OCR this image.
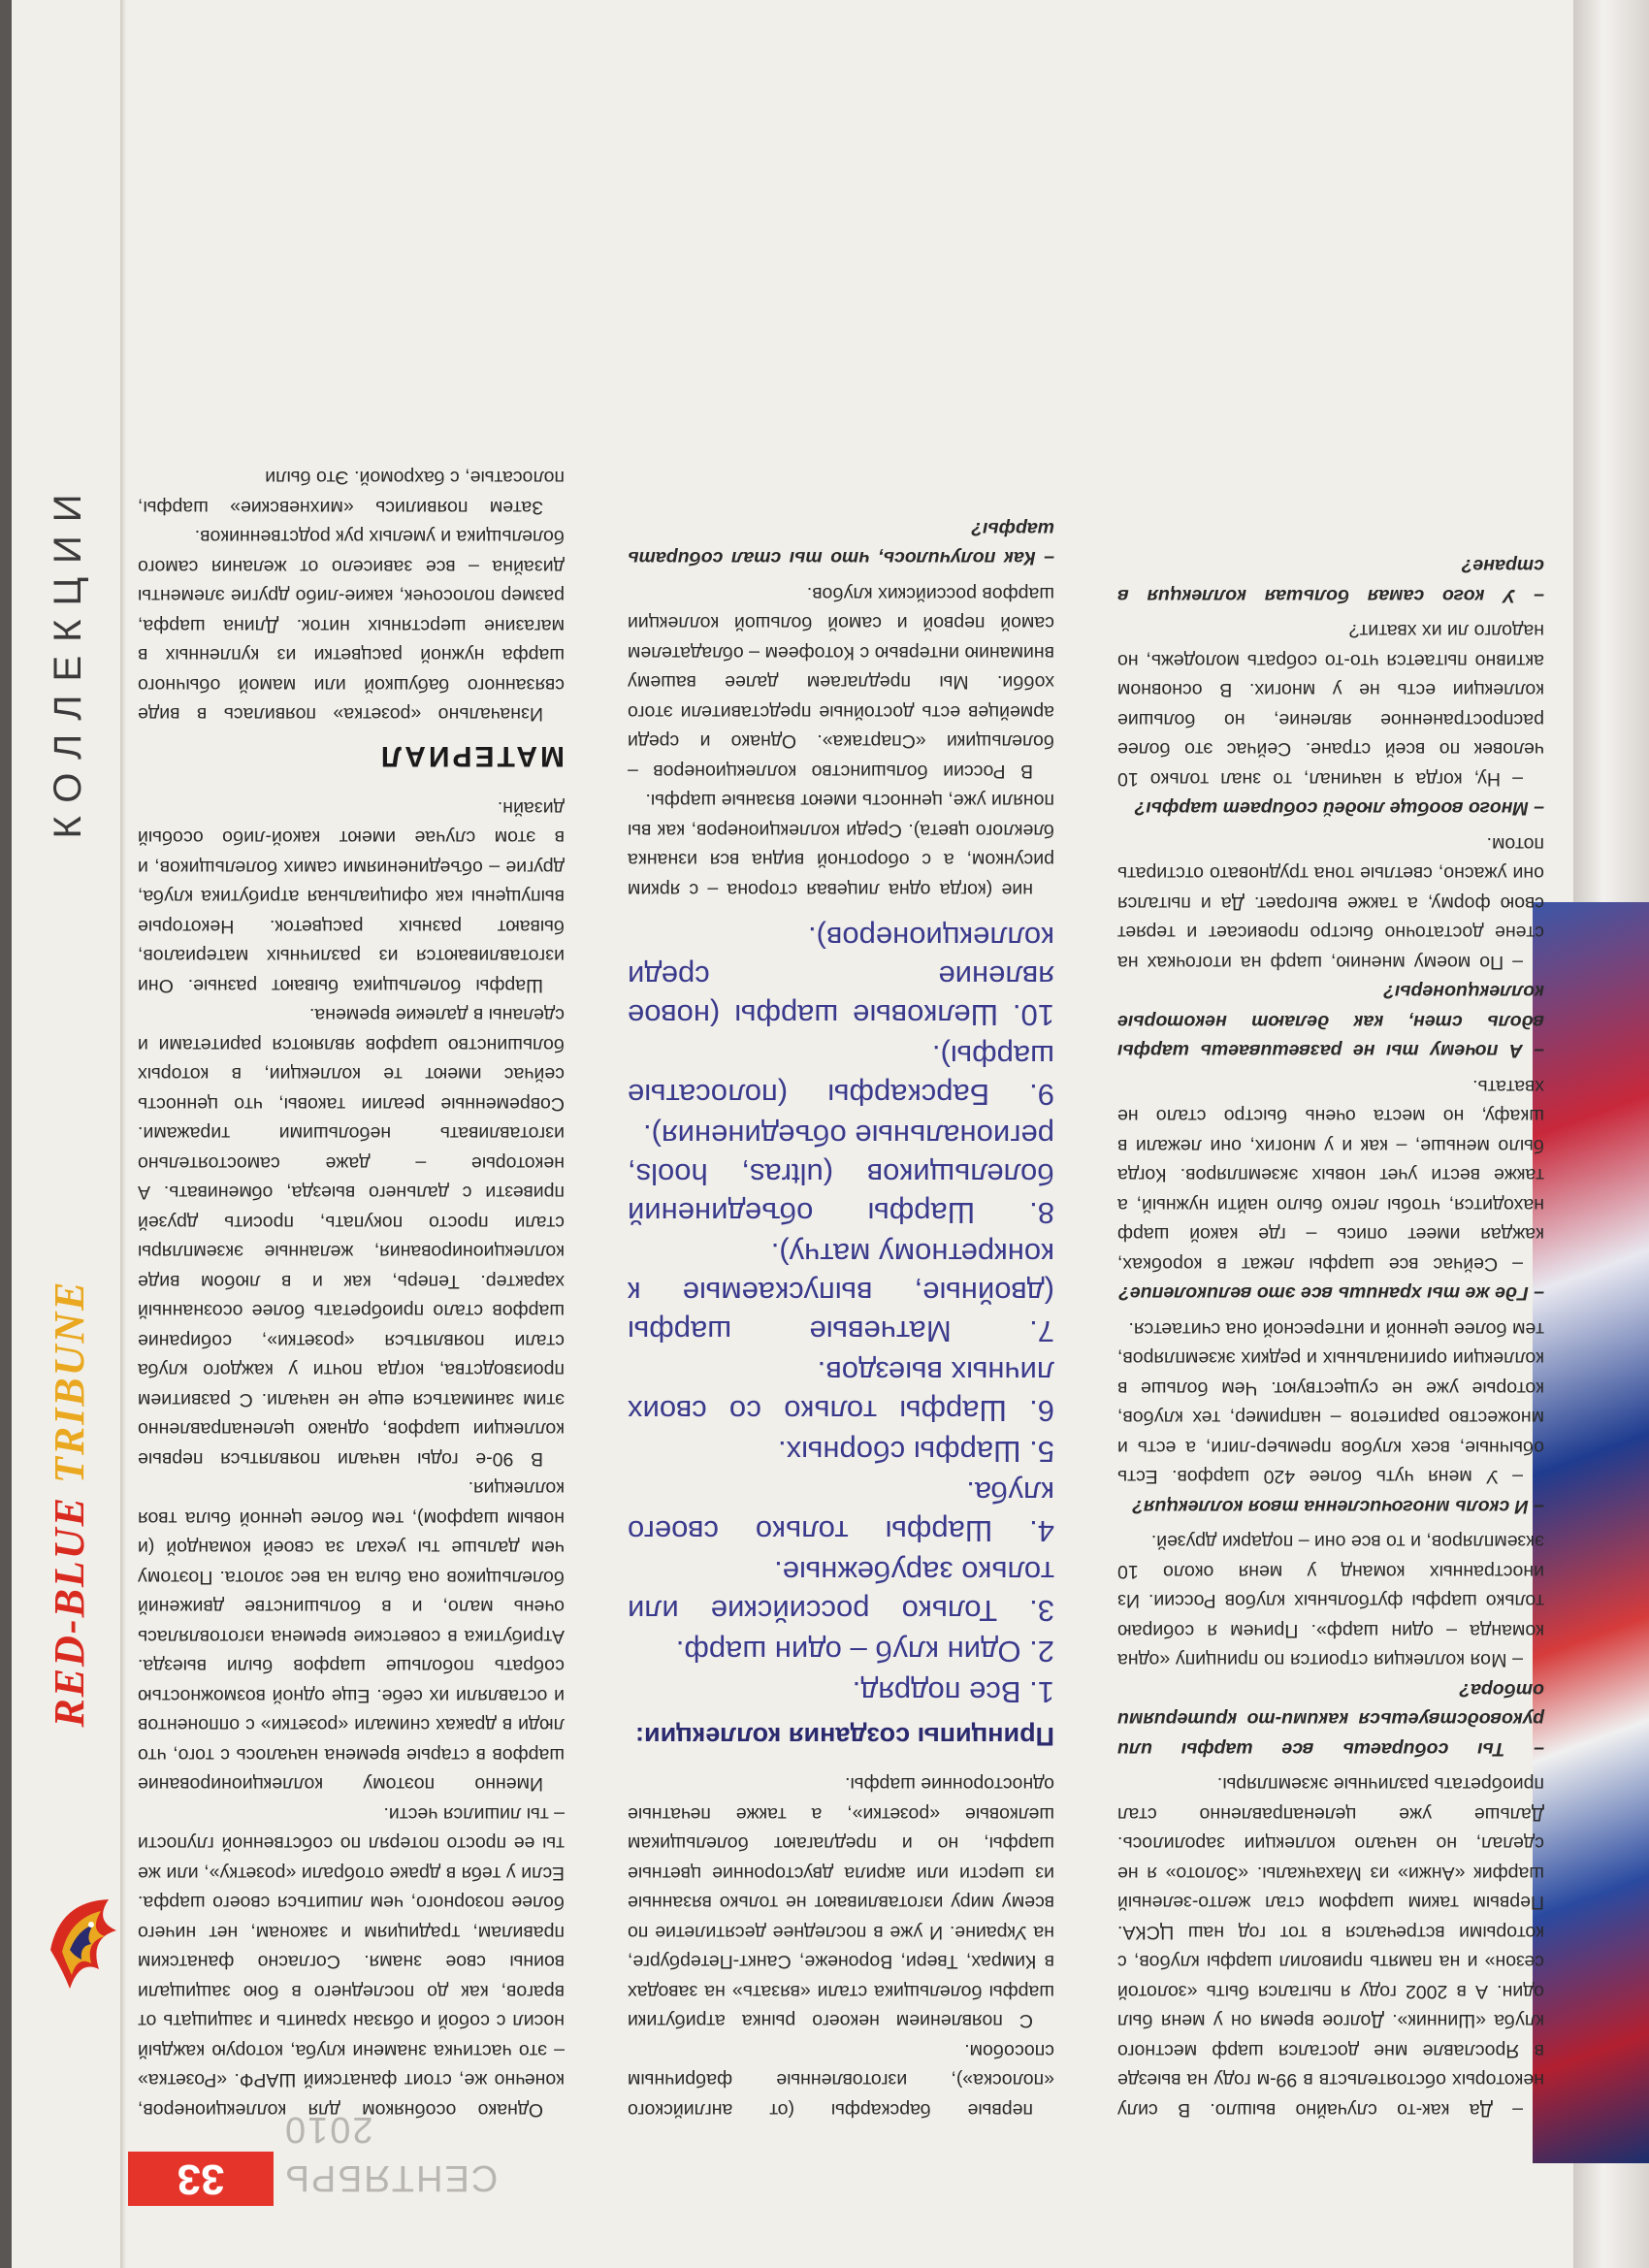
КОЛЛЕКЦИИ
RED-BLUE TRIBUNE
СЕНТЯБРЬ 2010
33

– Да как-то случайно вышло. В силу некоторых обстоятельств в 99-м году на выезде в Ярославле мне достался шарф местного клуба «Шинник». Долгое время он у меня был один. А в 2002 году я пытался быть «золотой сезон» и на память приволил шарфы клубов, с которыми встречался в тот год наш ЦСКА. Первым таким шарфом стал желто-зеленый шарфик «Анжи» из Махачкалы. «Золото» я не сделал, но начало коллекции заролилось. Дальше уже целенаправленно стал приобретать различные экземпляры.

– Ты собираешь все шарфы или руководствуешься какими-то критериями отбора?

– Моя коллекция строится по принципу «одна команда – один шарф». Причем я собираю только шарфы футбольных клубов России. Из иностранных команд у меня около 10 экземпляров, и то все они – подарки друзей.

– И сколь многочисленна твоя коллекция?

– У меня чуть более 420 шарфов. Есть обычные, всех клубов премьер-лиги, а есть и множество раритетов – например, тех клубов, которые уже не существуют. Чем больше в коллекции оригинальных и редких экземпляров, тем более ценной и интересной она считается.

– Где же ты хранишь все это великолепие?

– Сейчас все шарфы лежат в коробках, каждая имеет опись – где какой шарф находится, чтобы легко было найти нужный, а также вести учет новых экземпляров. Когда было меньше, – как и у многих, они лежали в шкафу, но места очень быстро стало не хватать.

– А почему ты не развешиваешь шарфы вдоль стен, как делают некоторые коллекционеры?

– По моему мнению, шарф на итогочках на стене достаточно быстро провисает и теряет свою форму, а также выгорает. Да и пытался они ужасно, светлые тона трудновато отстирать потом.

– Много вообще людей собирает шарфы?

– Ну, когда я начинал, то знал только 10 человек по всей стране. Сейчас это более распространенное явление, но большие коллекции есть не у многих. В основном активно пытается что-то собрать молодежь, но надолго ли их хватит?

– У кого самая большая коллекция в стране?

первые барскарфы (от английского «полоска»), изготовленные фабричным способом.

С появлением некоего рынка атрибутики шарфы болельщика стали «вязать» на заводах в Кимрах, Твери, Воронеже, Санкт-Петербурге, на Украине. И уже в последнее десятилетие по всему миру изготавливают не только вязанные из шерсти или акрила двусторонние цветные шарфы, но и предлагают болельщикам шелковые «розетки», а также печатные односторонние шарфы.

Принципы создания коллекции:
1. Все подряд.
2. Один клуб – один шарф.
3. Только российские или только зарубежные.
4. Шарфы только своего клуба.
5. Шарфы сборных.
6. Шарфы только со своих личных выездов.
7. Матчевые шарфы (двойные, выпускаемые к конкретному матчу).
8. Шарфы объединений болельщиков (ultras, hools, региональные объединения).
9. Барскарфы (полосатые шарфы).
10. Шелковые шарфы (новое явление среди коллекционеров).

ние (когда одна лицевая сторона – с ярким рисунком, а с оборотной видна вся изнанка блеклого цвета). Среди коллекционеров, как вы поняли уже, ценность имеют вязаные шарфы.

В России большинство коллекционеров – болельщики «Спартака». Однако и среди армейцев есть достойные представители этого хобби. Мы предлагаем далее вашему вниманию интервью с Котофеем – обладателем самой первой и самой большой коллекции шарфов российских клубов.

– Как получилось, что ты стал собирать шарфы?

Однако особняком для коллекционеров, конечно же, стоит фанатский ШАРФ. «Розетка» – это частичка знамени клуба, которую каждый носил с собой и обязан хранить и защищать от врагов, как до последнего в бою защищали воины свое знамя. Согласно фанатским правилам, традициям и законам, нет ничего более позорного, чем лишиться своего шарфа. Если у тебя в драке отобрали «розетку», или же ты ее просто потерял по собственной глупости – ты лишился чести.

Именно поэтому коллекционирование шарфов в старые времена началось с того, что люди в драках снимали «розетки» с оппонентов и оставляли их себе. Еще одной возможностью собрать побольше шарфов были выезда. Атрибутика в советские времена изготовлялась очень мало, и в большинстве движений болельщиков она была на вес золота. Поэтому чем дальше ты уехал за своей командой (и новым шарфом), тем более ценной была твоя коллекция.

В 90-е годы начали появляться первые коллекции шарфов, однако целенаправленно этим заниматься еще не начали. С развитием производства, когда почти у каждого клуба стали появляться «розетки», собирание шарфов стало приобретать более осознанный характер. Теперь, как и в любом виде коллекционирования, желанные экземпляры стали просто покупать, просить друзей привезти с дальнего выезда, обменивать. А некоторые – даже самостоятельно изготавливать небольшими тиражами. Современные реалии таковы, что ценность сейчас имеют те коллекции, в которых большинство шарфов являются раритетами и сделаны в далекие времена.

Шарфы болельщика бывают разные. Они изготавливаются из различных материалов, бывают разных расцветок. Некоторые выпущены как официальная атрибутика клуба, другие – объединениями самих болельщиков, и в этом случае имеют какой-либо особый дизайн.

МАТЕРИАЛ

Изначально «розетка» появилась в виде связанного бабушкой или мамой обычного шарфа нужной расцветки из купленных в магазине шерстяных ниток. Длина шарфа, размер полосочек, какие-либо другие элементы дизайна – все зависело от желания самого болельщика и умелых рук родственников.

Затем появились «михневские» шарфы, полосатые, с бахромой. Это были
